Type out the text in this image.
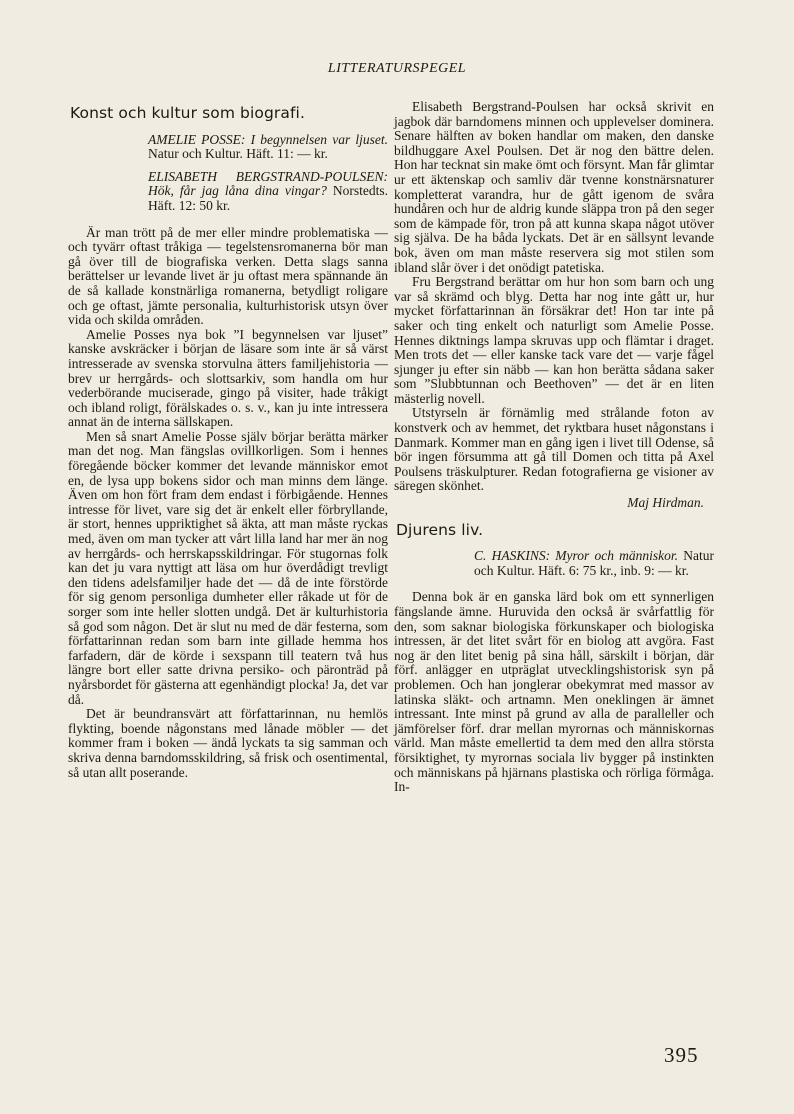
LITTERATURSPEGEL
Konst och kultur som biografi.
AMELIE POSSE: I begynnelsen var ljuset. Natur och Kultur. Häft. 11: — kr.
ELISABETH BERGSTRAND-POULSEN: Hök, får jag låna dina vingar? Norstedts. Häft. 12: 50 kr.

Är man trött på de mer eller mindre problematiska — och tyvärr oftast tråkiga — tegelstensromanerna bör man gå över till de biografiska verken. Detta slags sanna berättelser ur levande livet är ju oftast mera spännande än de så kallade konstnärliga romanerna, betydligt roligare och ge oftast, jämte personalia, kulturhistorisk utsyn över vida och skilda områden.

Amelie Posses nya bok ”I begynnelsen var ljuset” kanske avskräcker i början de läsare som inte är så värst intresserade av svenska storvulna ätters familjehistoria — brev ur herrgårds- och slottsarkiv, som handla om hur vederbörande muciserade, gingo på visiter, hade tråkigt och ibland roligt, förälskades o. s. v., kan ju inte intressera annat än de interna sällskapen.

Men så snart Amelie Posse själv börjar berätta märker man det nog. Man fängslas ovillkorligen. Som i hennes föregående böcker kommer det levande människor emot en, de lysa upp bokens sidor och man minns dem länge. Även om hon fört fram dem endast i förbigående. Hennes intresse för livet, vare sig det är enkelt eller förbryllande, är stort, hennes uppriktighet så äkta, att man måste ryckas med, även om man tycker att vårt lilla land har mer än nog av herrgårds- och herrskapsskildringar. För stugornas folk kan det ju vara nyttigt att läsa om hur överdådigt trevligt den tidens adelsfamiljer hade det — då de inte förstörde för sig genom personliga dumheter eller råkade ut för de sorger som inte heller slotten undgå. Det är kulturhistoria så god som någon. Det är slut nu med de där festerna, som författarinnan redan som barn inte gillade hemma hos farfadern, där de körde i sexspann till teatern två hus längre bort eller satte drivna persiko- och päronträd på nyårsbordet för gästerna att egenhändigt plocka! Ja, det var då.

Det är beundransvärt att författarinnan, nu hemlös flykting, boende någonstans med lånade möbler — det kommer fram i boken — ändå lyckats ta sig samman och skriva denna barndomsskildring, så frisk och osentimental, så utan allt poserande.

Elisabeth Bergstrand-Poulsen har också skrivit en jagbok där barndomens minnen och upplevelser dominera. Senare hälften av boken handlar om maken, den danske bildhuggare Axel Poulsen. Det är nog den bättre delen. Hon har tecknat sin make ömt och försynt. Man får glimtar ur ett äktenskap och samliv där tvenne konstnärsnaturer kompletterat varandra, hur de gått igenom de svåra hundåren och hur de aldrig kunde släppa tron på den seger som de kämpade för, tron på att kunna skapa något utöver sig själva. De ha båda lyckats. Det är en sällsynt levande bok, även om man måste reservera sig mot stilen som ibland slår över i det onödigt patetiska.

Fru Bergstrand berättar om hur hon som barn och ung var så skrämd och blyg. Detta har nog inte gått ur, hur mycket författarinnan än försäkrar det! Hon tar inte på saker och ting enkelt och naturligt som Amelie Posse. Hennes diktnings lampa skruvas upp och flämtar i draget. Men trots det — eller kanske tack vare det — varje fågel sjunger ju efter sin näbb — kan hon berätta sådana saker som ”Slubbtunnan och Beethoven” — det är en liten mästerlig novell.

Utstyrseln är förnämlig med strålande foton av konstverk och av hemmet, det ryktbara huset någonstans i Danmark. Kommer man en gång igen i livet till Odense, så bör ingen försumma att gå till Domen och titta på Axel Poulsens träskulpturer. Redan fotografierna ge visioner av säregen skönhet.

Maj Hirdman.
Djurens liv.
C. HASKINS: Myror och människor. Natur och Kultur. Häft. 6: 75 kr., inb. 9: — kr.

Denna bok är en ganska lärd bok om ett synnerligen fängslande ämne. Huruvida den också är svårfattlig för den, som saknar biologiska förkunskaper och biologiska intressen, är det litet svårt för en biolog att avgöra. Fast nog är den litet benig på sina håll, särskilt i början, där förf. anlägger en utpräglat utvecklingshistorisk syn på problemen. Och han jonglerar obekymrat med massor av latinska släkt- och artnamn. Men oneklingen är ämnet intressant. Inte minst på grund av alla de paralleller och jämförelser förf. drar mellan myrornas och människornas värld. Man måste emellertid ta dem med den allra största försiktighet, ty myrornas sociala liv bygger på instinkten och människans på hjärnans plastiska och rörliga förmåga. In-

395
